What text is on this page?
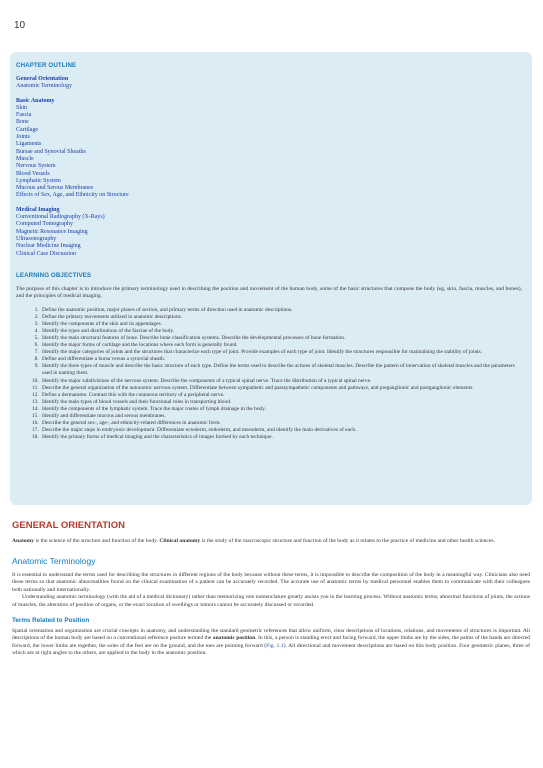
10
CHAPTER OUTLINE
General Orientation
Anatomic Terminology
Basic Anatomy
Skin
Fascia
Bone
Cartilage
Joints
Ligaments
Bursae and Synovial Sheaths
Muscle
Nervous System
Blood Vessels
Lymphatic System
Mucous and Serous Membranes
Effects of Sex, Age, and Ethnicity on Structure
Medical Imaging
Conventional Radiography (X-Rays)
Computed Tomography
Magnetic Resonance Imaging
Ultrasonography
Nuclear Medicine Imaging
Clinical Case Discussion
LEARNING OBJECTIVES

The purpose of this chapter is to introduce the primary terminology used in describing the position and movement of the human body, some of the basic structures that compose the body (eg, skin, fascia, muscles, and bones), and the principles of medical imaging.

1. Define the anatomic position, major planes of section, and primary terms of direction used in anatomic descriptions.
2. Define the primary movements utilized in anatomic descriptions.
3. Identify the components of the skin and its appendages.
4. Identify the types and distributions of the fasciae of the body.
5. Identify the main structural features of bone. Describe bone classification systems. Describe the developmental processes of bone formation.
6. Identify the major forms of cartilage and the locations where each form is generally found.
7. Identify the major categories of joints and the structures that characterize each type of joint. Provide examples of each type of joint. Identify the structures responsible for maintaining the stability of joints.
8. Define and differentiate a bursa versus a synovial sheath.
9. Identify the three types of muscle and describe the basic structure of each type. Define the terms used to describe the actions of skeletal muscles. Describe the pattern of innervation of skeletal muscles and the parameters used in naming them.
10. Identify the major subdivisions of the nervous system. Describe the components of a typical spinal nerve. Trace the distribution of a typical spinal nerve.
11. Describe the general organization of the autonomic nervous system. Differentiate between sympathetic and parasympathetic components and pathways, and preganglionic and postganglionic elements.
12. Define a dermatome. Contrast this with the cutaneous territory of a peripheral nerve.
13. Identify the main types of blood vessels and their functional roles in transporting blood.
14. Identify the components of the lymphatic system. Trace the major routes of lymph drainage in the body.
15. Identify and differentiate mucous and serous membranes.
16. Describe the general sex-, age-, and ethnicity-related differences in anatomic form.
17. Describe the major steps in embryonic development. Differentiate ectoderm, endoderm, and mesoderm, and identify the main derivatives of each.
18. Identify the primary forms of medical imaging and the characteristics of images formed by each technique.
GENERAL ORIENTATION

Anatomy is the science of the structure and function of the body. Clinical anatomy is the study of the macroscopic structure and function of the body as it relates to the practice of medicine and other health sciences.

Anatomic Terminology

It is essential to understand the terms used for describing the structures in different regions of the body because without these terms, it is impossible to describe the composition of the body in a meaningful way. Clinicians also need these terms so that anatomic abnormalities found on the clinical examination of a patient can be accurately recorded. The accurate use of anatomic terms by medical personnel enables them to communicate with their colleagues both nationally and internationally.

Understanding anatomic terminology (with the aid of a medical dictionary) rather than memorizing rote nomenclature greatly assists you in the learning process. Without anatomic terms, abnormal functions of joints, the actions of muscles, the alteration of position of organs, or the exact location of swellings or tumors cannot be accurately discussed or recorded.

Terms Related to Position

Spatial orientation and organization are crucial concepts in anatomy, and understanding the standard geometric references that allow uniform, clear descriptions of locations, relations, and movements of structures is important. All descriptions of the human body are based on a conventional reference posture termed the anatomic position. In this, a person is standing erect and facing forward, the upper limbs are by the sides, the palms of the hands are directed forward, the lower limbs are together, the soles of the feet are on the ground, and the toes are pointing forward (Fig. 1.1). All directional and movement descriptions are based on this body position. Four geometric planes, three of which are at right angles to the others, are applied to the body in the anatomic position.
